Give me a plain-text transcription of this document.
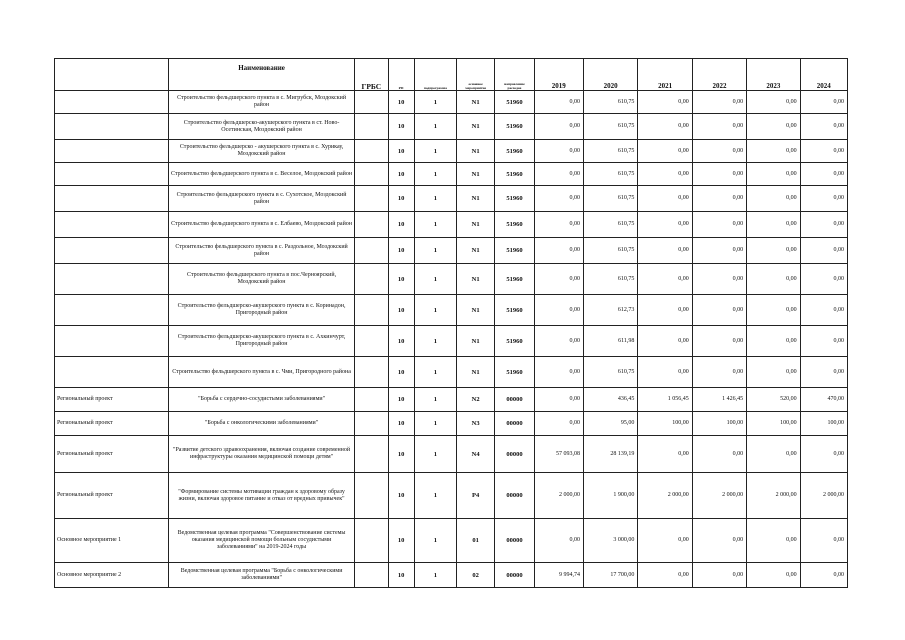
	Наименование	ГРБС	РП	подпрограмма	основное мероприятие	направление расходов	2019	2020	2021	2022	2023	2024
	Строительство фельдшерского пункта в с. Мигрубск, Моздокский район		10	1	N1	51960	0,00	610,75	0,00	0,00	0,00	0,00
	Строительство фельдшерско-акушерского пункта в ст. Ново-Осетинская, Моздокский район		10	1	N1	51960	0,00	610,75	0,00	0,00	0,00	0,00
	Строительство фельдшерско - акушерского пункта в с. Хурикау, Моздокский район		10	1	N1	51960	0,00	610,75	0,00	0,00	0,00	0,00
	Строительство фельдшерского пункта в с. Веселое, Моздокский район		10	1	N1	51960	0,00	610,75	0,00	0,00	0,00	0,00
	Строительство фельдшерского пункта в с. Сухотское, Моздокский район		10	1	N1	51960	0,00	610,75	0,00	0,00	0,00	0,00
	Строительство фельдшерского пункта в с. Елбаево, Моздокский район		10	1	N1	51960	0,00	610,75	0,00	0,00	0,00	0,00
	Строительство фельдшерского пункта в с. Раздольное, Моздокский район		10	1	N1	51960	0,00	610,75	0,00	0,00	0,00	0,00
	Строительство фельдшерского пункта в пос.Черноярский, Моздокский район		10	1	N1	51960	0,00	610,75	0,00	0,00	0,00	0,00
	Строительство фельдшерско-акушерского пункта в с. Коринадон, Пригородный район		10	1	N1	51960	0,00	612,73	0,00	0,00	0,00	0,00
	Строительство фельдшерско-акушерского пункта в с. Ахкинчурт, Пригородный район		10	1	N1	51960	0,00	611,98	0,00	0,00	0,00	0,00
	Строительство фельдшерского пункта в с. Чми, Пригородного района		10	1	N1	51960	0,00	610,75	0,00	0,00	0,00	0,00
Региональный проект	"Борьба с сердечно-сосудистыми заболеваниями"		10	1	N2	00000	0,00	436,45	1 056,45	1 426,45	520,00	470,00
Региональный проект	"Борьба с онкологическими заболеваниями"		10	1	N3	00000	0,00	95,00	100,00	100,00	100,00	100,00
Региональный проект	"Развитие детского здравоохранения, включая создание современной инфраструктуры оказания медицинской помощи детям"		10	1	N4	00000	57 093,08	28 139,19	0,00	0,00	0,00	0,00
Региональный проект	"Формирование системы мотивации граждан к здоровому образу жизни, включая здоровое питание и отказ от вредных привычек"		10	1	P4	00000	2 000,00	1 900,00	2 000,00	2 000,00	2 000,00	2 000,00
Основное мероприятие 1	Ведомственная целевая программа "Совершенствование системы оказания медицинской помощи больным сосудистыми заболеваниями" на 2019-2024 годы		10	1	01	00000	0,00	3 000,00	0,00	0,00	0,00	0,00
Основное мероприятие 2	Ведомственная целевая программа "Борьба с онкологическими заболеваниями"		10	1	02	00000	9 994,74	17 700,00	0,00	0,00	0,00	0,00
